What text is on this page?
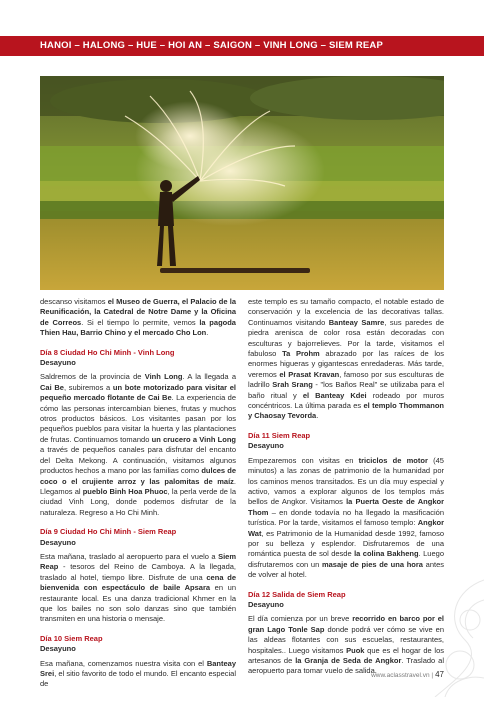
HANOI – HALONG – HUE – HOI AN – SAIGON – VINH LONG – SIEM REAP

descanso visitamos el Museo de Guerra, el Palacio de la Reunificación, la Catedral de Notre Dame y la Oficina de Correos. Si el tiempo lo permite, vemos la pagoda Thien Hau, Barrio Chino y el mercado Cho Lon.

Día 8 Ciudad Ho Chi Minh - Vinh Long
Desayuno

Saldremos de la provincia de Vinh Long. A la llegada a Cai Be, subiremos a un bote motorizado para visitar el pequeño mercado flotante de Cai Be. La experiencia de cómo las personas intercambian bienes, frutas y muchos otros productos básicos. Los visitantes pasan por los pequeños pueblos para visitar la huerta y las plantaciones de frutas. Continuamos tomando un crucero a Vinh Long a través de pequeños canales para disfrutar del encanto del Delta Mekong. A continuación, visitamos algunos productos hechos a mano por las familias como dulces de coco o el crujiente arroz y las palomitas de maíz. Llegamos al pueblo Binh Hoa Phuoc, la perla verde de la ciudad Vinh Long, donde podemos disfrutar de la naturaleza. Regreso a Ho Chi Minh.

Día 9 Ciudad Ho Chi Minh - Siem Reap
Desayuno

Esta mañana, traslado al aeropuerto para el vuelo a Siem Reap - tesoros del Reino de Camboya. A la llegada, traslado al hotel, tiempo libre. Disfrute de una cena de bienvenida con espectáculo de baile Apsara en un restaurante local. Es una danza tradicional Khmer en la que los bailes no son solo danzas sino que también transmiten en una historia o mensaje.

Día 10 Siem Reap
Desayuno

Esa mañana, comenzamos nuestra visita con el Banteay Srei, el sitio favorito de todo el mundo. El encanto especial de

este templo es su tamaño compacto, el notable estado de conservación y la excelencia de las decorativas tallas. Continuamos visitando Banteay Samre, sus paredes de piedra arenisca de color rosa están decoradas con esculturas y bajorrelieves. Por la tarde, visitamos el fabuloso Ta Prohm abrazado por las raíces de los enormes higueras y gigantescas enredaderas. Más tarde, veremos el Prasat Kravan, famoso por sus esculturas de ladrillo Srah Srang - "los Baños Real" se utilizaba para el baño ritual y el Banteay Kdei rodeado por muros concéntricos. La última parada es el templo Thommanon y Chaosay Tevorda.

Día 11 Siem Reap
Desayuno

Empezaremos con visitas en triciclos de motor (45 minutos) a las zonas de patrimonio de la humanidad por los caminos menos transitados. Es un día muy especial y activo, vamos a explorar algunos de los templos más bellos de Angkor. Visitamos la Puerta Oeste de Angkor Thom – en donde todavía no ha llegado la masificación turística. Por la tarde, visitamos el famoso templo: Angkor Wat, es Patrimonio de la Humanidad desde 1992, famoso por su belleza y esplendor. Disfrutaremos de una romántica puesta de sol desde la colina Bakheng. Luego disfrutaremos con un masaje de pies de una hora antes de volver al hotel.

Día 12 Salida de Siem Reap
Desayuno

El día comienza por un breve recorrido en barco por el gran Lago Tonle Sap donde podrá ver cómo se vive en las aldeas flotantes con sus escuelas, restaurantes, hospitales.. Luego visitamos Puok que es el hogar de los artesanos de la Granja de Seda de Angkor. Traslado al aeropuerto para tomar vuelo de salida.

www.aclasstravel.vn | 47
